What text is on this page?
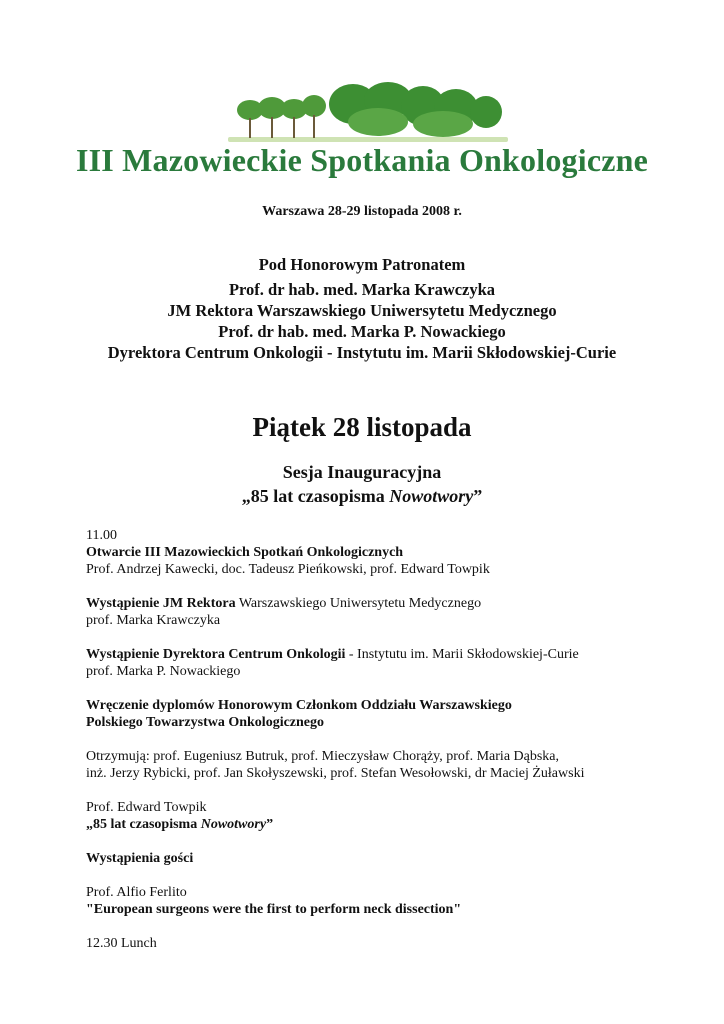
III Mazowieckie Spotkania Onkologiczne
Warszawa 28-29 listopada 2008 r.
Pod Honorowym Patronatem
Prof. dr hab. med. Marka Krawczyka
JM Rektora Warszawskiego Uniwersytetu Medycznego
Prof. dr hab. med. Marka P. Nowackiego
Dyrektora Centrum Onkologii - Instytutu im. Marii Skłodowskiej-Curie
Piątek 28 listopada
Sesja Inauguracyjna
„85 lat czasopisma Nowotwory”

11.00

Otwarcie III Mazowieckich Spotkań Onkologicznych

Prof. Andrzej Kawecki, doc. Tadeusz Pieńkowski, prof. Edward Towpik

Wystąpienie JM Rektora Warszawskiego Uniwersytetu Medycznego

prof. Marka Krawczyka

Wystąpienie Dyrektora Centrum Onkologii - Instytutu im. Marii Skłodowskiej-Curie

prof. Marka P. Nowackiego

Wręczenie dyplomów Honorowym Członkom Oddziału Warszawskiego

Polskiego Towarzystwa Onkologicznego

Otrzymują: prof. Eugeniusz Butruk, prof. Mieczysław Chorąży, prof. Maria Dąbska,

inż. Jerzy Rybicki, prof. Jan Skołyszewski, prof. Stefan Wesołowski, dr Maciej Żuławski

Prof. Edward Towpik

„85 lat czasopisma Nowotwory”

Wystąpienia gości

Prof. Alfio Ferlito

"European surgeons were the first to perform neck dissection"

12.30 Lunch
